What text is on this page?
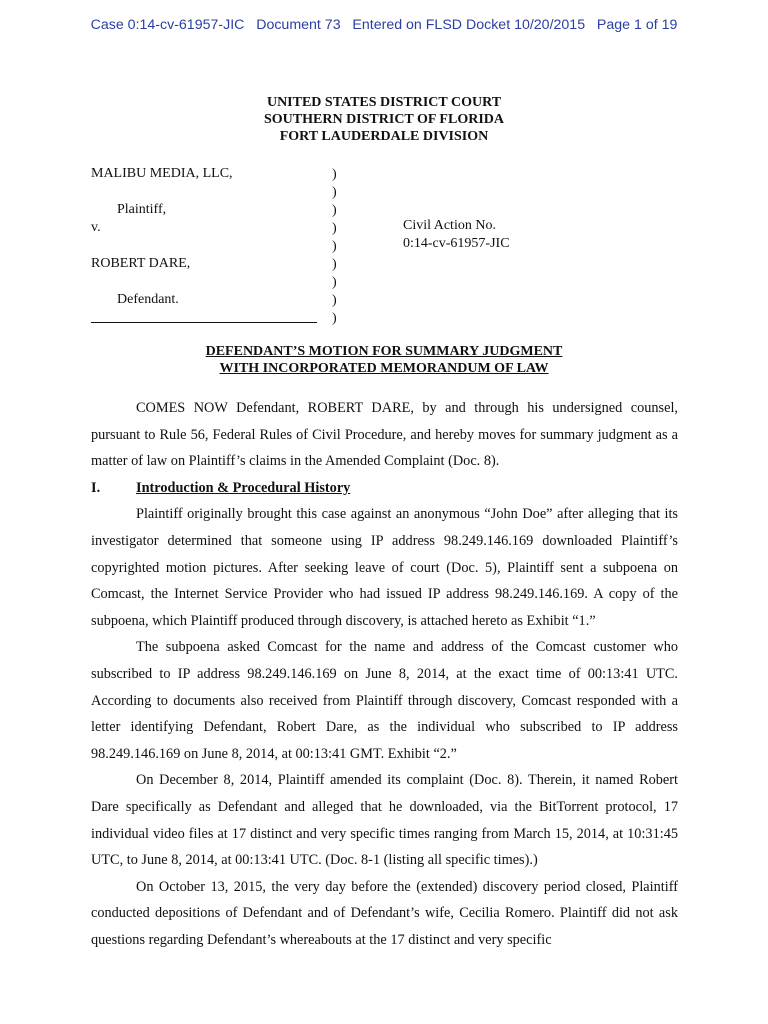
Case 0:14-cv-61957-JIC   Document 73   Entered on FLSD Docket 10/20/2015   Page 1 of 19
UNITED STATES DISTRICT COURT
SOUTHERN DISTRICT OF FLORIDA
FORT LAUDERDALE DIVISION
MALIBU MEDIA, LLC,
Plaintiff,
v.
ROBERT DARE,
Defendant.
)
)
)
)
)
)
)
)
)
Civil Action No.
0:14-cv-61957-JIC
DEFENDANT’S MOTION FOR SUMMARY JUDGMENT
WITH INCORPORATED MEMORANDUM OF LAW

COMES NOW Defendant, ROBERT DARE, by and through his undersigned counsel, pursuant to Rule 56, Federal Rules of Civil Procedure, and hereby moves for summary judgment as a matter of law on Plaintiff’s claims in the Amended Complaint (Doc. 8).

I.	Introduction & Procedural History

Plaintiff originally brought this case against an anonymous “John Doe” after alleging that its investigator determined that someone using IP address 98.249.146.169 downloaded Plaintiff’s copyrighted motion pictures. After seeking leave of court (Doc. 5), Plaintiff sent a subpoena on Comcast, the Internet Service Provider who had issued IP address 98.249.146.169. A copy of the subpoena, which Plaintiff produced through discovery, is attached hereto as Exhibit “1.”

The subpoena asked Comcast for the name and address of the Comcast customer who subscribed to IP address 98.249.146.169 on June 8, 2014, at the exact time of 00:13:41 UTC. According to documents also received from Plaintiff through discovery, Comcast responded with a letter identifying Defendant, Robert Dare, as the individual who subscribed to IP address 98.249.146.169 on June 8, 2014, at 00:13:41 GMT. Exhibit “2.”

On December 8, 2014, Plaintiff amended its complaint (Doc. 8). Therein, it named Robert Dare specifically as Defendant and alleged that he downloaded, via the BitTorrent protocol, 17 individual video files at 17 distinct and very specific times ranging from March 15, 2014, at 10:31:45 UTC, to June 8, 2014, at 00:13:41 UTC. (Doc. 8-1 (listing all specific times).)

On October 13, 2015, the very day before the (extended) discovery period closed, Plaintiff conducted depositions of Defendant and of Defendant’s wife, Cecilia Romero. Plaintiff did not ask questions regarding Defendant’s whereabouts at the 17 distinct and very specific
